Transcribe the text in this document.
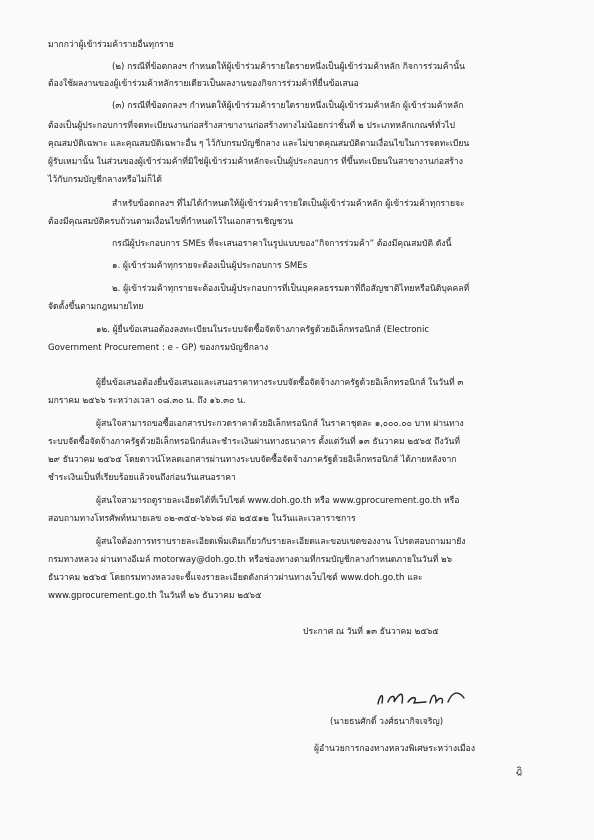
มากกว่าผู้เข้าร่วมค้ารายอื่นทุกราย
(๒) กรณีที่ข้อตกลงฯ กำหนดให้ผู้เข้าร่วมค้ารายใดรายหนึ่งเป็นผู้เข้าร่วมค้าหลัก กิจการร่วมค้านั้น
ต้องใช้ผลงานของผู้เข้าร่วมค้าหลักรายเดียวเป็นผลงานของกิจการร่วมค้าที่ยื่นข้อเสนอ
(๓) กรณีที่ข้อตกลงฯ กำหนดให้ผู้เข้าร่วมค้ารายใดรายหนึ่งเป็นผู้เข้าร่วมค้าหลัก ผู้เข้าร่วมค้าหลัก
ต้องเป็นผู้ประกอบการที่จดทะเบียนงานก่อสร้างสาขางานก่อสร้างทางไม่น้อยกว่าชั้นที่ ๒ ประเภทหลักเกณฑ์ทั่วไป
คุณสมบัติเฉพาะ และคุณสมบัติเฉพาะอื่น ๆ ไว้กับกรมบัญชีกลาง และไม่ขาดคุณสมบัติตามเงื่อนไขในการจดทะเบียน
ผู้รับเหมานั้น ในส่วนของผู้เข้าร่วมค้าที่มิใช่ผู้เข้าร่วมค้าหลักจะเป็นผู้ประกอบการ ที่ขึ้นทะเบียนในสาขางานก่อสร้าง
ไว้กับกรมบัญชีกลางหรือไม่ก็ได้
สำหรับข้อตกลงฯ ที่ไม่ได้กำหนดให้ผู้เข้าร่วมค้ารายใดเป็นผู้เข้าร่วมค้าหลัก ผู้เข้าร่วมค้าทุกรายจะ
ต้องมีคุณสมบัติครบถ้วนตามเงื่อนไขที่กำหนดไว้ในเอกสารเชิญชวน
กรณีผู้ประกอบการ SMEs ที่จะเสนอราคาในรูปแบบของ“กิจการร่วมค้า” ต้องมีคุณสมบัติ ดังนี้
๑. ผู้เข้าร่วมค้าทุกรายจะต้องเป็นผู้ประกอบการ SMEs
๒. ผู้เข้าร่วมค้าทุกรายจะต้องเป็นผู้ประกอบการที่เป็นบุคคลธรรมดาที่ถือสัญชาติไทยหรือนิติบุคคลที่
จัดตั้งขึ้นตามกฎหมายไทย
๑๒. ผู้ยื่นข้อเสนอต้องลงทะเบียนในระบบจัดซื้อจัดจ้างภาครัฐด้วยอิเล็กทรอนิกส์ (Electronic
Government Procurement : e - GP) ของกรมบัญชีกลาง
ผู้ยื่นข้อเสนอต้องยื่นข้อเสนอและเสนอราคาทางระบบจัดซื้อจัดจ้างภาครัฐด้วยอิเล็กทรอนิกส์ ในวันที่ ๓
มกราคม ๒๕๖๖ ระหว่างเวลา ๐๘.๓๐ น. ถึง ๑๖.๓๐ น.
ผู้สนใจสามารถขอซื้อเอกสารประกวดราคาด้วยอิเล็กทรอนิกส์ ในราคาชุดละ ๑,๐๐๐.๐๐ บาท ผ่านทาง
ระบบจัดซื้อจัดจ้างภาครัฐด้วยอิเล็กทรอนิกส์และชำระเงินผ่านทางธนาคาร ตั้งแต่วันที่ ๑๓ ธันวาคม ๒๕๖๕ ถึงวันที่
๒๙ ธันวาคม ๒๕๖๕ โดยดาวน์โหลดเอกสารผ่านทางระบบจัดซื้อจัดจ้างภาครัฐด้วยอิเล็กทรอนิกส์ ได้ภายหลังจาก
ชำระเงินเป็นที่เรียบร้อยแล้วจนถึงก่อนวันเสนอราคา
ผู้สนใจสามารถดูรายละเอียดได้ที่เว็บไซต์ www.doh.go.th หรือ www.gprocurement.go.th หรือ
สอบถามทางโทรศัพท์หมายเลข ๐๒-๓๕๔-๖๖๖๘ ต่อ ๒๕๕๑๒ ในวันและเวลาราชการ
ผู้สนใจต้องการทราบรายละเอียดเพิ่มเติมเกี่ยวกับรายละเอียดและขอบเขตของงาน โปรดสอบถามมายัง
กรมทางหลวง ผ่านทางอีเมล์ motorway@doh.go.th หรือช่องทางตามที่กรมบัญชีกลางกำหนดภายในวันที่ ๒๖
ธันวาคม ๒๕๖๕ โดยกรมทางหลวงจะชี้แจงรายละเอียดดังกล่าวผ่านทางเว็บไซต์ www.doh.go.th และ
www.gprocurement.go.th ในวันที่ ๒๖ ธันวาคม ๒๕๖๕
ประกาศ ณ วันที่ ๑๓ ธันวาคม ๒๕๖๕
(นายธนศักดิ์ วงศ์ธนากิจเจริญ)
ผู้อำนวยการกองทางหลวงพิเศษระหว่างเมือง
ฎิ
